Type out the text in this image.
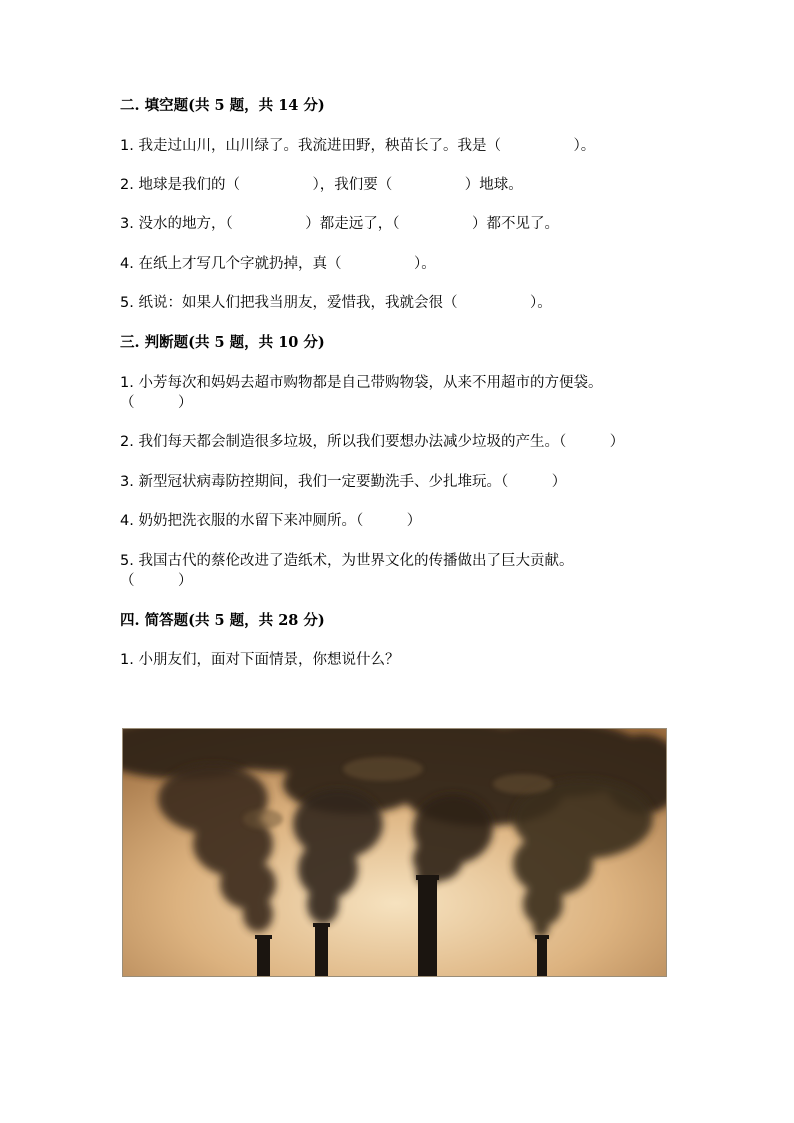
二. 填空题(共 5 题，共 14 分)
1. 我走过山川，山川绿了。我流进田野，秧苗长了。我是（　　　　　）。
2. 地球是我们的（　　　　　），我们要（　　　　　）地球。
3. 没水的地方，（　　　　　）都走远了，（　　　　　）都不见了。
4. 在纸上才写几个字就扔掉，真（　　　　　）。
5. 纸说：如果人们把我当朋友，爱惜我，我就会很（　　　　　）。
三. 判断题(共 5 题，共 10 分)
1. 小芳每次和妈妈去超市购物都是自己带购物袋，从来不用超市的方便袋。
（　　　）
2. 我们每天都会制造很多垃圾，所以我们要想办法减少垃圾的产生。（　　　）
3. 新型冠状病毒防控期间，我们一定要勤洗手、少扎堆玩。（　　　）
4. 奶奶把洗衣服的水留下来冲厕所。（　　　）
5. 我国古代的蔡伦改进了造纸术，为世界文化的传播做出了巨大贡献。
（　　　）
四. 简答题(共 5 题，共 28 分)
1. 小朋友们，面对下面情景，你想说什么？
